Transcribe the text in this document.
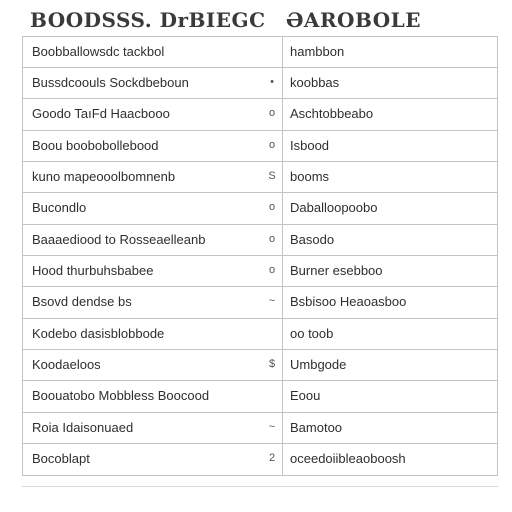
BOODSSS. DrBIEGC ƏAROBOLE
Boobballowsdc tackbol	hambbon
Bussdcoouls Sockdbeboun	•	koobbas
Goodo TaıFd Haacbooo	o Aschtobbeabo
Boou boobobollebood	o Isbood
kuno mapeooolbomnenb	S booms
Bucondlo	o Daballoopoobo
Baaaediood to Rosseaelleanb	o Basodo
Hood thurbuhsbabee	o Burner esebboo
Bsovd dendse bs	~ Bsbisoo Heaoasboo
Kodebo dasisblobbode	oo toob
Koodaeloos	$ Umbgode
Boouatobo Mobbless Boocood	Eoou
Roia Idaisonuaed	~ Bamotoo
Bocoblapt	2 oceedoiibleaoboosh
